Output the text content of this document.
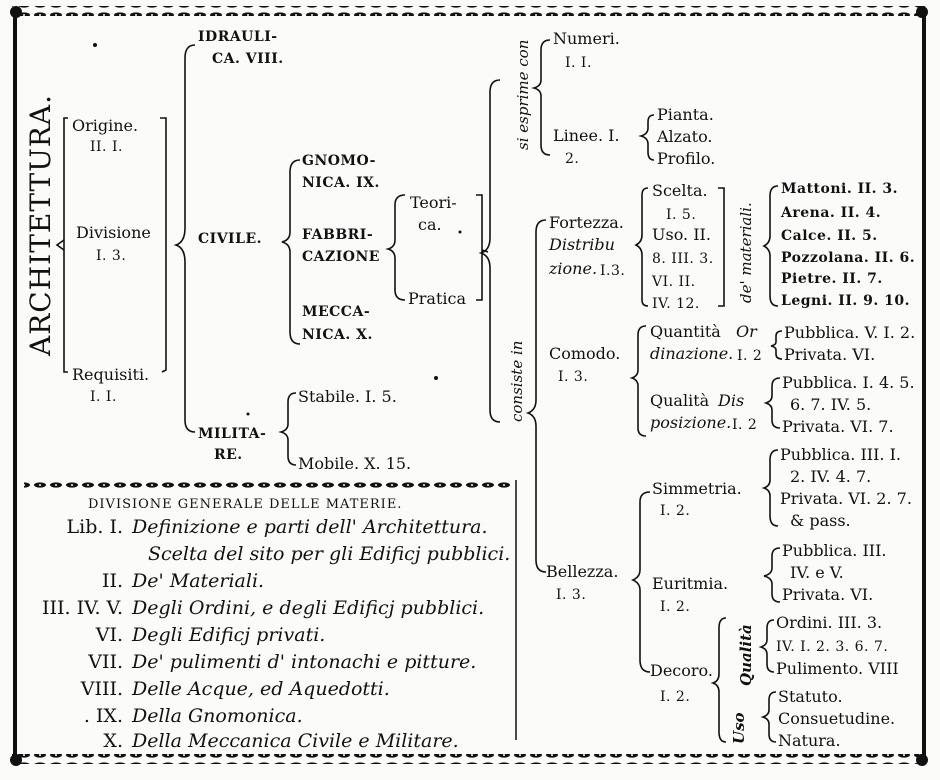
ARCHITETTURA. Origine.
II. I.
Divisione
I. 3.
Requisiti.
I. I.
IDRAULI-
CA. VIII.
CIVILE.
MILITA-
RE.
GNOMO-
NICA. IX.
FABBRI-
CAZIONE
MECCA-
NICA. X.
Teori-
ca.
Pratica
Stabile. I. 5.
Mobile. X. 15.
si esprime con
consiste in
Numeri.
I. I.
Linee. I.
2.
Pianta.
Alzato.
Profilo.
Fortezza.
Distribu
zione. I.3.
Comodo.
I. 3.
Bellezza.
I. 3.
Scelta.
I. 5.
Uso. II.
8. III. 3.
VI. II.
IV. 12.
de' materiali.
Mattoni. II. 3.
Arena. II. 4.
Calce. II. 5.
Pozzolana. II. 6.
Pietre. II. 7.
Legni. II. 9. 10.
Quantità Or
dinazione. I. 2
Pubblica. V. I. 2.
Privata. VI.
Qualità Dis
posizione. I. 2
Pubblica. I. 4. 5.
6. 7. IV. 5.
Privata. VI. 7.
Simmetria.
I. 2.
Pubblica. III. I.
2. IV. 4. 7.
Privata. VI. 2. 7.
& pass.
Euritmia.
I. 2.
Pubblica. III.
IV. e V.
Privata. VI.
Decoro.
I. 2.
Qualità
Uso
Ordini. III. 3.
IV. I. 2. 3. 6. 7.
Pulimento. VIII
Statuto.
Consuetudine.
Natura.
DIVISIONE GENERALE DELLE MATERIE.
Lib. I. Definizione e parti dell' Architettura.
Scelta del sito per gli Edificj pubblici.
II. De' Materiali.
III. IV. V. Degli Ordini, e degli Edificj pubblici.
VI. Degli Edificj privati.
VII. De' pulimenti d' intonachi e pitture.
VIII. Delle Acque, ed Aquedotti.
. IX. Della Gnomonica.
X. Della Meccanica Civile e Militare.
